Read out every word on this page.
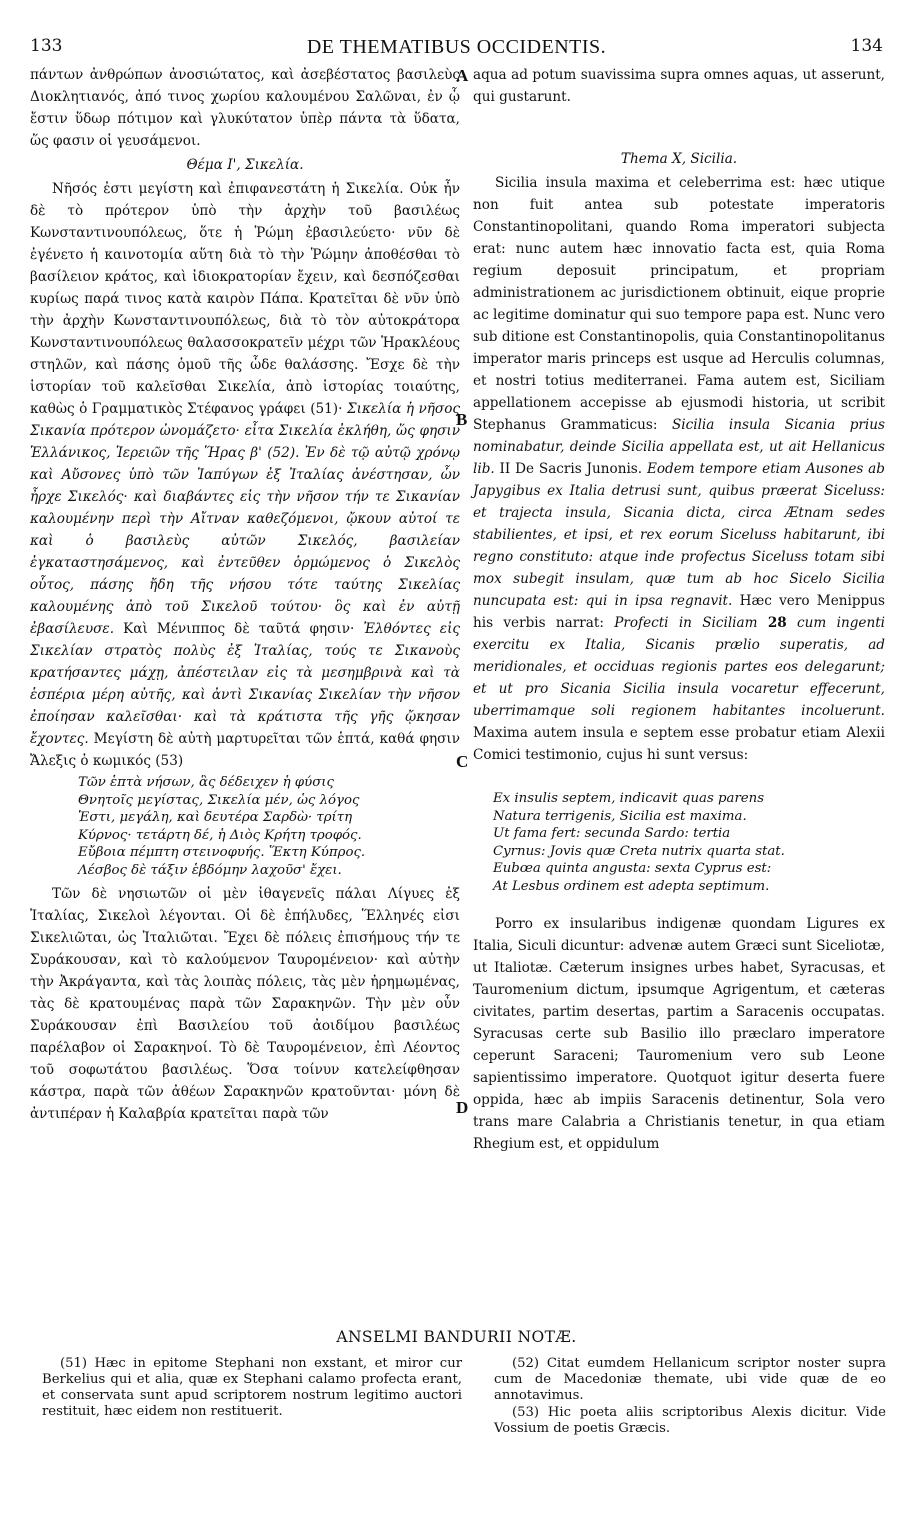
133	DE THEMATIBUS OCCIDENTIS.	134

πάντων ἀνθρώπων ἀνοσιώτατος, καὶ ἀσεβέστατος βασιλεὺς Διοκλητιανός, ἀπό τινος χωρίου καλουμένου Σαλῶναι, ἐν ᾧ ἔστιν ὕδωρ πότιμον καὶ γλυκύτατον ὑπὲρ πάντα τὰ ὕδατα, ὥς φασιν οἱ γευσάμενοι.

Θέμα Ι', Σικελία.

Νῆσός ἐστι μεγίστη καὶ ἐπιφανεστάτη ἡ Σικελία. Οὐκ ἦν δὲ τὸ πρότερον ὑπὸ τὴν ἀρχὴν τοῦ βασιλέως Κωνσταντινουπόλεως, ὅτε ἡ Ῥώμη ἐβασιλεύετο· νῦν δὲ ἐγένετο ἡ καινοτομία αὕτη διὰ τὸ τὴν Ῥώμην ἀποθέσθαι τὸ βασίλειον κράτος, καὶ ἰδιοκρατορίαν ἔχειν, καὶ δεσπόζεσθαι κυρίως παρά τινος κατὰ καιρὸν Πάπα. Κρατεῖται δὲ νῦν ὑπὸ τὴν ἀρχὴν Κωνσταντινουπόλεως, διὰ τὸ τὸν αὐτοκράτορα Κωνσταντινουπόλεως θαλασσοκρατεῖν μέχρι τῶν Ἡρακλέους στηλῶν, καὶ πάσης ὁμοῦ τῆς ὧδε θαλάσσης. Ἔσχε δὲ τὴν ἱστορίαν τοῦ καλεῖσθαι Σικελία, ἀπὸ ἱστορίας τοιαύτης, καθὼς ὁ Γραμματικὸς Στέφανος γράφει (51)· Σικελία ἡ νῆσος Σικανία πρότερον ὠνομάζετο· εἶτα Σικελία ἐκλήθη, ὥς φησιν Ἑλλάνικος, Ἱερειῶν τῆς Ἥρας β' (52). Ἐν δὲ τῷ αὐτῷ χρόνῳ καὶ Αὔσονες ὑπὸ τῶν Ἰαπύγων ἐξ Ἰταλίας ἀνέστησαν, ὧν ἦρχε Σικελός· καὶ διαβάντες εἰς τὴν νῆσον τήν τε Σικανίαν καλουμένην περὶ τὴν Αἴτναν καθεζόμενοι, ᾤκουν αὐτοί τε καὶ ὁ βασιλεὺς αὐτῶν Σικελός, βασιλείαν ἐγκαταστησάμενος, καὶ ἐντεῦθεν ὁρμώμενος ὁ Σικελὸς οὗτος, πάσης ἤδη τῆς νήσου τότε ταύτης Σικελίας καλουμένης ἀπὸ τοῦ Σικελοῦ τούτου· ὃς καὶ ἐν αὐτῇ ἐβασίλευσε. Καὶ Μένιππος δὲ ταῦτά φησιν· Ἐλθόντες εἰς Σικελίαν στρατὸς πολὺς ἐξ Ἰταλίας, τούς τε Σικανοὺς κρατήσαντες μάχῃ, ἀπέστειλαν εἰς τὰ μεσημβρινὰ καὶ τὰ ἑσπέρια μέρη αὐτῆς, καὶ ἀντὶ Σικανίας Σικελίαν τὴν νῆσον ἐποίησαν καλεῖσθαι· καὶ τὰ κράτιστα τῆς γῆς ᾤκησαν ἔχοντες. Μεγίστη δὲ αὐτὴ μαρτυρεῖται τῶν ἑπτά, καθά φησιν Ἄλεξις ὁ κωμικός (53)

Τῶν ἑπτὰ νήσων, ἃς δέδειχεν ἡ φύσις
Θνητοῖς μεγίστας, Σικελία μέν, ὡς λόγος
Ἐστι, μεγάλη, καὶ δευτέρα Σαρδὼ· τρίτη
Κύρνος· τετάρτη δέ, ἡ Διὸς Κρήτη τροφός.
Εὔβοια πέμπτη στεινοφυής. Ἕκτη Κύπρος.
Λέσβος δὲ τάξιν ἑβδόμην λαχοῦσ' ἔχει.

Τῶν δὲ νησιωτῶν οἱ μὲν ἰθαγενεῖς πάλαι Λίγυες ἐξ Ἰταλίας, Σικελοὶ λέγονται. Οἱ δὲ ἐπήλυδες, Ἕλληνές εἰσι Σικελιῶται, ὡς Ἰταλιῶται. Ἔχει δὲ πόλεις ἐπισήμους τήν τε Συράκουσαν, καὶ τὸ καλούμενον Ταυρομένειον· καὶ αὐτὴν τὴν Ἀκράγαντα, καὶ τὰς λοιπὰς πόλεις, τὰς μὲν ἠρημωμένας, τὰς δὲ κρατουμένας παρὰ τῶν Σαρακηνῶν. Τὴν μὲν οὖν Συράκουσαν ἐπὶ Βασιλείου τοῦ ἀοιδίμου βασιλέως παρέλαβον οἱ Σαρακηνοί. Τὸ δὲ Ταυρομένειον, ἐπὶ Λέοντος τοῦ σοφωτάτου βασιλέως. Ὅσα τοίνυν κατελείφθησαν κάστρα, παρὰ τῶν ἀθέων Σαρακηνῶν κρατοῦνται· μόνη δὲ ἀντιπέραν ἡ Καλαβρία κρατεῖται παρὰ τῶν

A
B
C
D

aqua ad potum suavissima supra omnes aquas, ut asserunt, qui gustarunt.

Thema X, Sicilia.

Sicilia insula maxima et celeberrima est: hæc utique non fuit antea sub potestate imperatoris Constantinopolitani, quando Roma imperatori subjecta erat: nunc autem hæc innovatio facta est, quia Roma regium deposuit principatum, et propriam administrationem ac jurisdictionem obtinuit, eique proprie ac legitime dominatur qui suo tempore papa est. Nunc vero sub ditione est Constantinopolis, quia Constantinopolitanus imperator maris princeps est usque ad Herculis columnas, et nostri totius mediterranei. Fama autem est, Siciliam appellationem accepisse ab ejusmodi historia, ut scribit Stephanus Grammaticus: Sicilia insula Sicania prius nominabatur, deinde Sicilia appellata est, ut ait Hellanicus lib. II De Sacris Junonis. Eodem tempore etiam Ausones ab Japygibus ex Italia detrusi sunt, quibus præerat Siceluss: et trajecta insula, Sicania dicta, circa Ætnam sedes stabilientes, et ipsi, et rex eorum Siceluss habitarunt, ibi regno constituto: atque inde profectus Siceluss totam sibi mox subegit insulam, quæ tum ab hoc Sicelo Sicilia nuncupata est: qui in ipsa regnavit. Hæc vero Menippus his verbis narrat: Profecti in Siciliam 28 cum ingenti exercitu ex Italia, Sicanis prælio superatis, ad meridionales, et occiduas regionis partes eos delegarunt; et ut pro Sicania Sicilia insula vocaretur effecerunt, uberrimamque soli regionem habitantes incoluerunt. Maxima autem insula e septem esse probatur etiam Alexii Comici testimonio, cujus hi sunt versus:

Ex insulis septem, indicavit quas parens
Natura terrigenis, Sicilia est maxima.
Ut fama fert: secunda Sardo: tertia
Cyrnus: Jovis quæ Creta nutrix quarta stat.
Eubœa quinta angusta: sexta Cyprus est:
At Lesbus ordinem est adepta septimum.

Porro ex insularibus indigenæ quondam Ligures ex Italia, Siculi dicuntur: advenæ autem Græci sunt Siceliotæ, ut Italiotæ. Cæterum insignes urbes habet, Syracusas, et Tauromenium dictum, ipsumque Agrigentum, et cæteras civitates, partim desertas, partim a Saracenis occupatas. Syracusas certe sub Basilio illo præclaro imperatore ceperunt Saraceni; Tauromenium vero sub Leone sapientissimo imperatore. Quotquot igitur deserta fuere oppida, hæc ab impiis Saracenis detinentur, Sola vero trans mare Calabria a Christianis tenetur, in qua etiam Rhegium est, et oppidulum

ANSELMI BANDURII NOTÆ.

(51) Hæc in epitome Stephani non exstant, et miror cur Berkelius qui et alia, quæ ex Stephani calamo profecta erant, et conservata sunt apud scriptorem nostrum legitimo auctori restituit, hæc eidem non restituerit.

(52) Citat eumdem Hellanicum scriptor noster supra cum de Macedoniæ themate, ubi vide quæ de eo annotavimus.

(53) Hic poeta aliis scriptoribus Alexis dicitur. Vide Vossium de poetis Græcis.
